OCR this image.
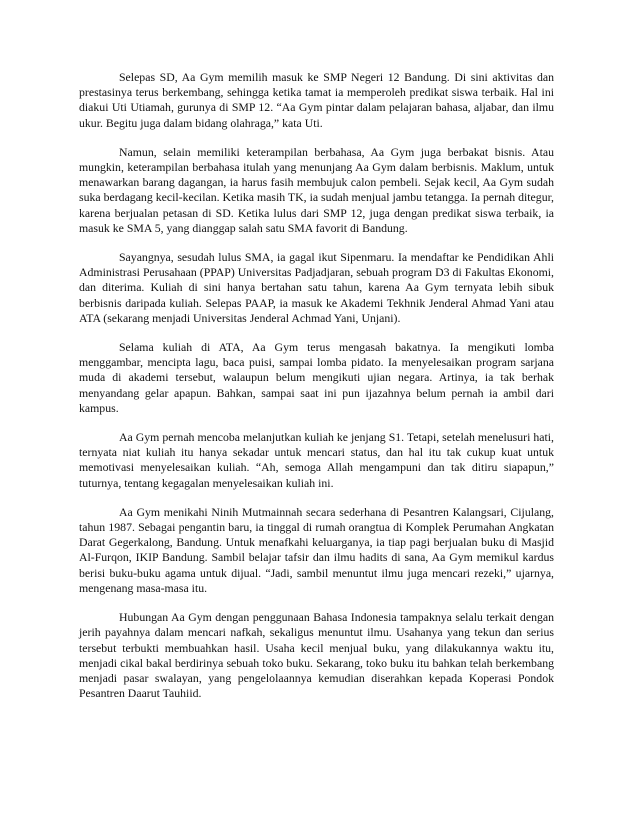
Selepas SD, Aa Gym memilih masuk ke SMP Negeri 12 Bandung. Di sini aktivitas dan prestasinya terus berkembang, sehingga ketika tamat ia memperoleh predikat siswa terbaik. Hal ini diakui Uti Utiamah, gurunya di SMP 12. “Aa Gym pintar dalam pelajaran bahasa, aljabar, dan ilmu ukur. Begitu juga dalam bidang olahraga,” kata Uti.

Namun, selain memiliki keterampilan berbahasa, Aa Gym juga berbakat bisnis. Atau mungkin, keterampilan berbahasa itulah yang menunjang Aa Gym dalam berbisnis. Maklum, untuk menawarkan barang dagangan, ia harus fasih membujuk calon pembeli. Sejak kecil, Aa Gym sudah suka berdagang kecil-kecilan. Ketika masih TK, ia sudah menjual jambu tetangga. Ia pernah ditegur, karena berjualan petasan di SD. Ketika lulus dari SMP 12, juga dengan predikat siswa terbaik, ia masuk ke SMA 5, yang dianggap salah satu SMA favorit di Bandung.

Sayangnya, sesudah lulus SMA, ia gagal ikut Sipenmaru. Ia mendaftar ke Pendidikan Ahli Administrasi Perusahaan (PPAP) Universitas Padjadjaran, sebuah program D3 di Fakultas Ekonomi, dan diterima. Kuliah di sini hanya bertahan satu tahun, karena Aa Gym ternyata lebih sibuk berbisnis daripada kuliah. Selepas PAAP, ia masuk ke Akademi Tekhnik Jenderal Ahmad Yani atau ATA (sekarang menjadi Universitas Jenderal Achmad Yani, Unjani).

Selama kuliah di ATA, Aa Gym terus mengasah bakatnya. Ia mengikuti lomba menggambar, mencipta lagu, baca puisi, sampai lomba pidato. Ia menyelesaikan program sarjana muda di akademi tersebut, walaupun belum mengikuti ujian negara. Artinya, ia tak berhak menyandang gelar apapun. Bahkan, sampai saat ini pun ijazahnya belum pernah ia ambil dari kampus.

Aa Gym pernah mencoba melanjutkan kuliah ke jenjang S1. Tetapi, setelah menelusuri hati, ternyata niat kuliah itu hanya sekadar untuk mencari status, dan hal itu tak cukup kuat untuk memotivasi menyelesaikan kuliah. “Ah, semoga Allah mengampuni dan tak ditiru siapapun,” tuturnya, tentang kegagalan menyelesaikan kuliah ini.

Aa Gym menikahi Ninih Mutmainnah secara sederhana di Pesantren Kalangsari, Cijulang, tahun 1987. Sebagai pengantin baru, ia tinggal di rumah orangtua di Komplek Perumahan Angkatan Darat Gegerkalong, Bandung. Untuk menafkahi keluarganya, ia tiap pagi berjualan buku di Masjid Al-Furqon, IKIP Bandung. Sambil belajar tafsir dan ilmu hadits di sana, Aa Gym memikul kardus berisi buku-buku agama untuk dijual. “Jadi, sambil menuntut ilmu juga mencari rezeki,” ujarnya, mengenang masa-masa itu.

Hubungan Aa Gym dengan penggunaan Bahasa Indonesia tampaknya selalu terkait dengan jerih payahnya dalam mencari nafkah, sekaligus menuntut ilmu. Usahanya yang tekun dan serius tersebut terbukti membuahkan hasil. Usaha kecil menjual buku, yang dilakukannya waktu itu, menjadi cikal bakal berdirinya sebuah toko buku. Sekarang, toko buku itu bahkan telah berkembang menjadi pasar swalayan, yang pengelolaannya kemudian diserahkan kepada Koperasi Pondok Pesantren Daarut Tauhiid.
